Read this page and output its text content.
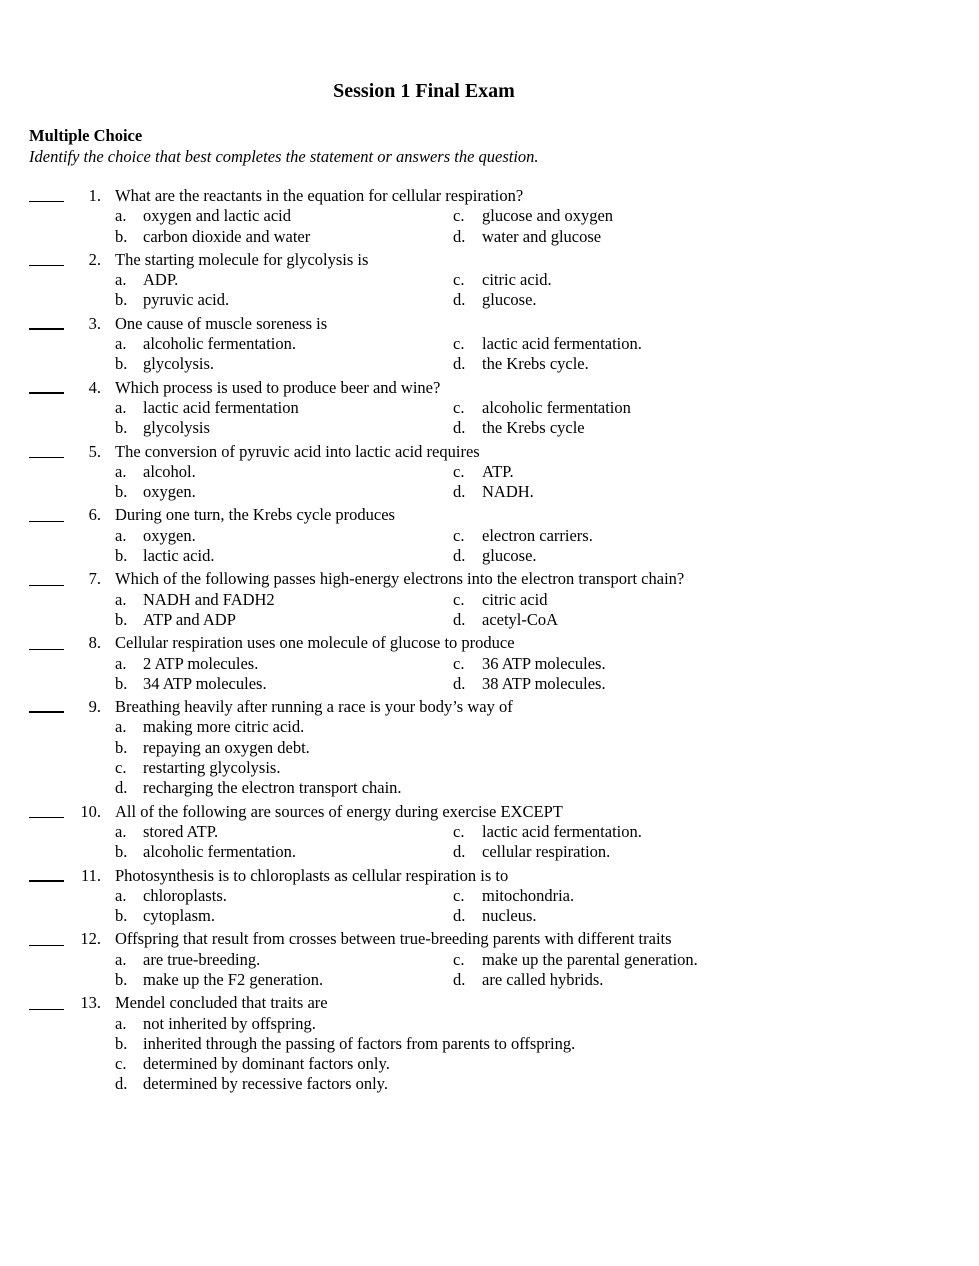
Session 1 Final Exam
Multiple Choice
Identify the choice that best completes the statement or answers the question.
1. What are the reactants in the equation for cellular respiration?
a. oxygen and lactic acid	c. glucose and oxygen
b. carbon dioxide and water	d. water and glucose
2. The starting molecule for glycolysis is
a. ADP.	c. citric acid.
b. pyruvic acid.	d. glucose.
3. One cause of muscle soreness is
a. alcoholic fermentation.	c. lactic acid fermentation.
b. glycolysis.	d. the Krebs cycle.
4. Which process is used to produce beer and wine?
a. lactic acid fermentation	c. alcoholic fermentation
b. glycolysis	d. the Krebs cycle
5. The conversion of pyruvic acid into lactic acid requires
a. alcohol.	c. ATP.
b. oxygen.	d. NADH.
6. During one turn, the Krebs cycle produces
a. oxygen.	c. electron carriers.
b. lactic acid.	d. glucose.
7. Which of the following passes high-energy electrons into the electron transport chain?
a. NADH and FADH2	c. citric acid
b. ATP and ADP	d. acetyl-CoA
8. Cellular respiration uses one molecule of glucose to produce
a. 2 ATP molecules.	c. 36 ATP molecules.
b. 34 ATP molecules.	d. 38 ATP molecules.
9. Breathing heavily after running a race is your body’s way of
a. making more citric acid.
b. repaying an oxygen debt.
c. restarting glycolysis.
d. recharging the electron transport chain.
10. All of the following are sources of energy during exercise EXCEPT
a. stored ATP.	c. lactic acid fermentation.
b. alcoholic fermentation.	d. cellular respiration.
11. Photosynthesis is to chloroplasts as cellular respiration is to
a. chloroplasts.	c. mitochondria.
b. cytoplasm.	d. nucleus.
12. Offspring that result from crosses between true-breeding parents with different traits
a. are true-breeding.	c. make up the parental generation.
b. make up the F2 generation.	d. are called hybrids.
13. Mendel concluded that traits are
a. not inherited by offspring.
b. inherited through the passing of factors from parents to offspring.
c. determined by dominant factors only.
d. determined by recessive factors only.
